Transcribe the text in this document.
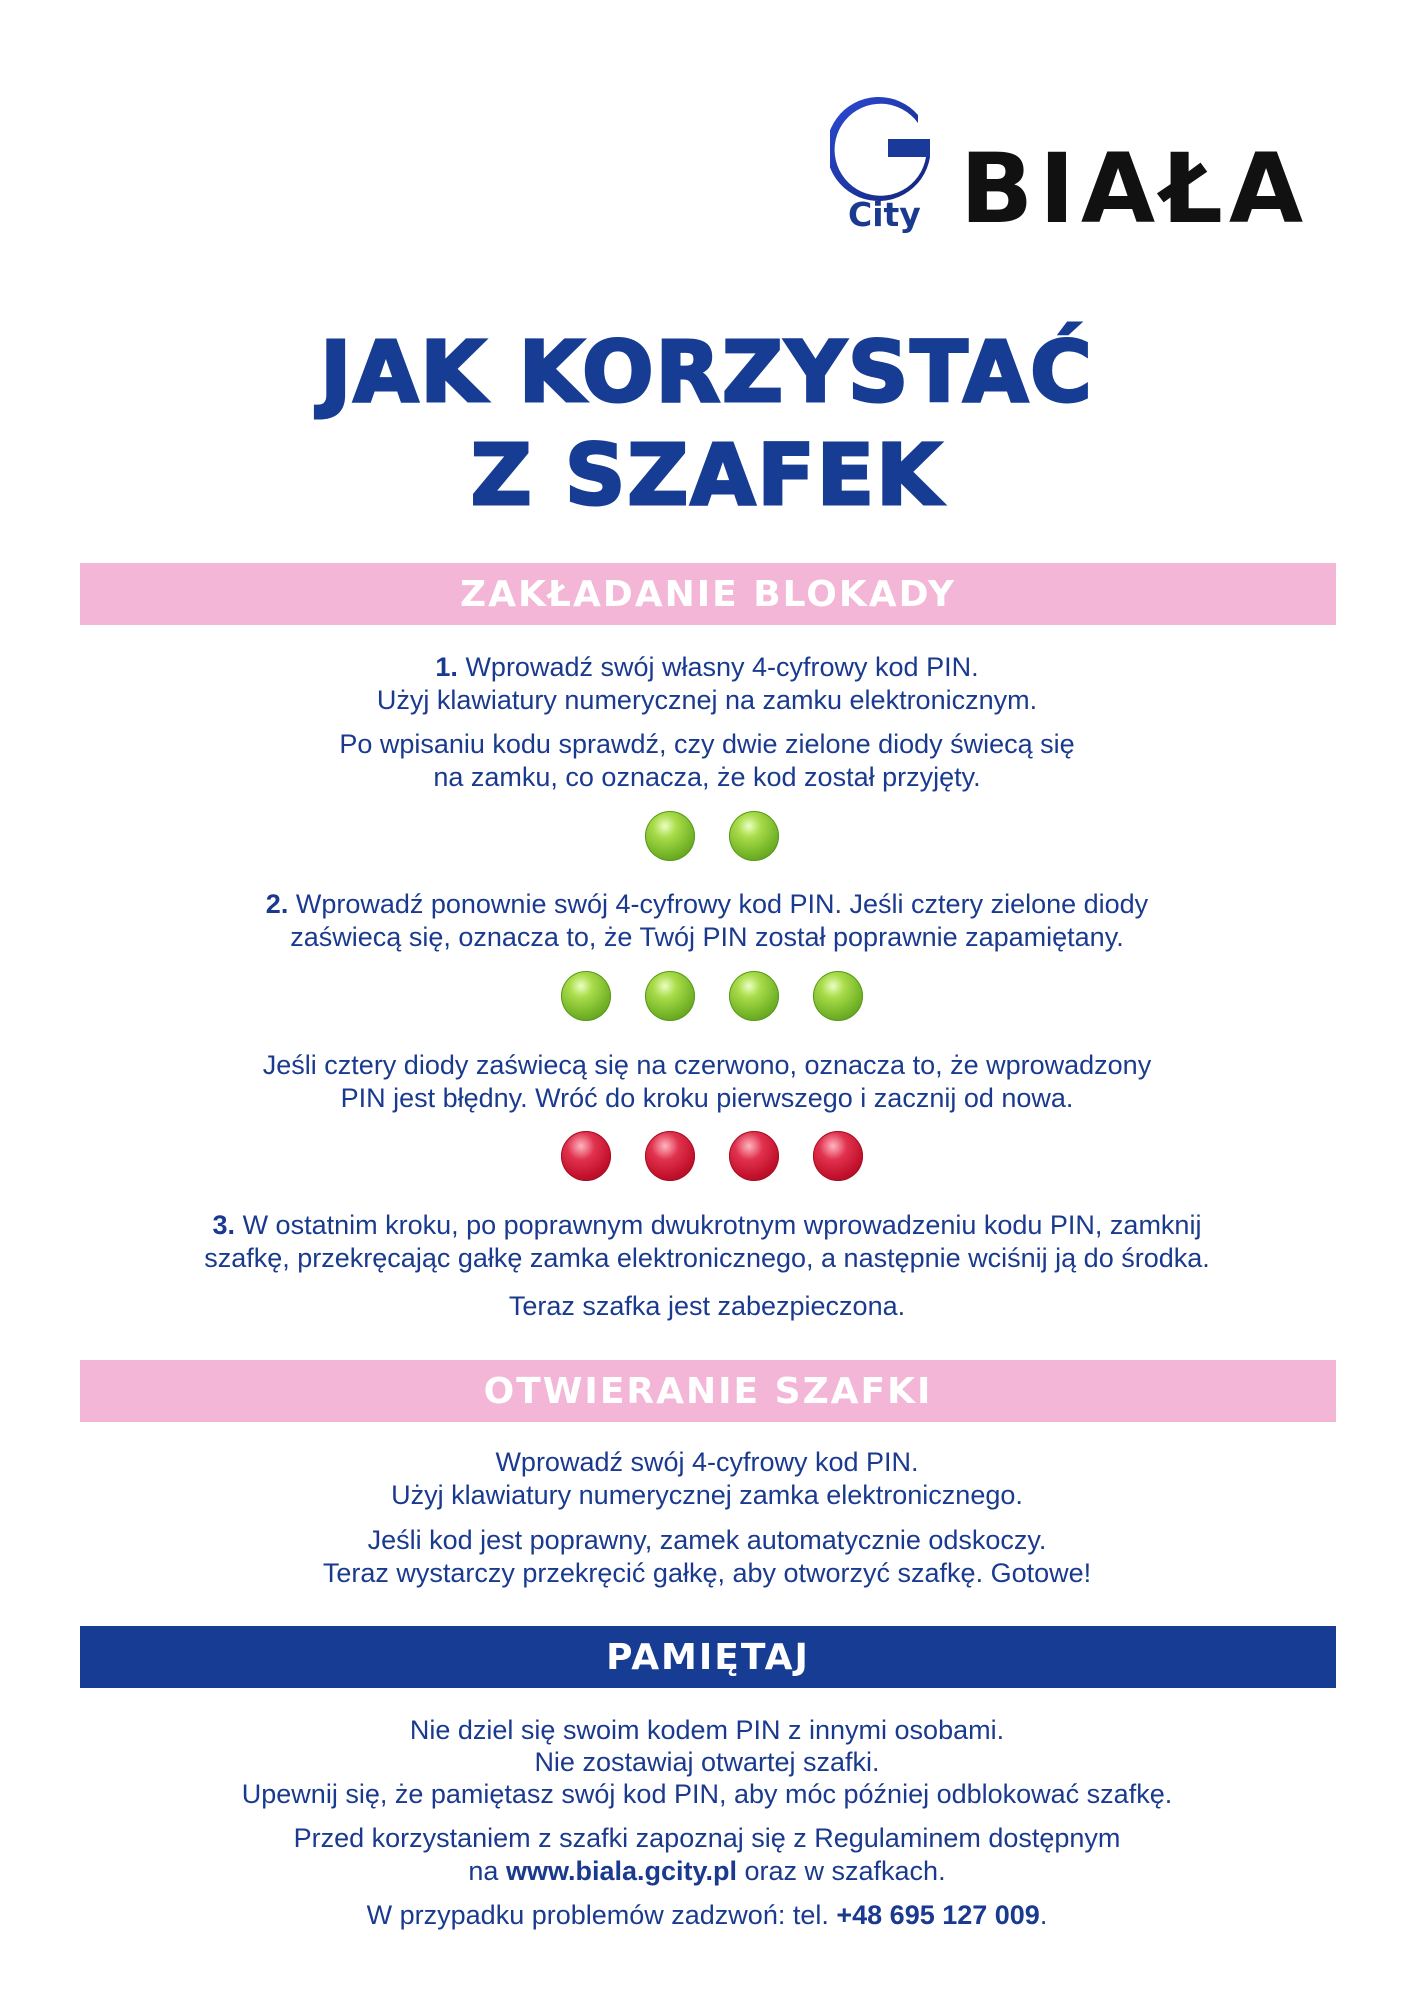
City BIAŁA
JAK KORZYSTAĆ
Z SZAFEK
ZAKŁADANIE BLOKADY
1. Wprowadź swój własny 4-cyfrowy kod PIN.
Użyj klawiatury numerycznej na zamku elektronicznym.
Po wpisaniu kodu sprawdź, czy dwie zielone diody świecą się
na zamku, co oznacza, że kod został przyjęty.
2. Wprowadź ponownie swój 4-cyfrowy kod PIN. Jeśli cztery zielone diody
zaświecą się, oznacza to, że Twój PIN został poprawnie zapamiętany.
Jeśli cztery diody zaświecą się na czerwono, oznacza to, że wprowadzony
PIN jest błędny. Wróć do kroku pierwszego i zacznij od nowa.
3. W ostatnim kroku, po poprawnym dwukrotnym wprowadzeniu kodu PIN, zamknij
szafkę, przekręcając gałkę zamka elektronicznego, a następnie wciśnij ją do środka.
Teraz szafka jest zabezpieczona.
OTWIERANIE SZAFKI
Wprowadź swój 4-cyfrowy kod PIN.
Użyj klawiatury numerycznej zamka elektronicznego.
Jeśli kod jest poprawny, zamek automatycznie odskoczy.
Teraz wystarczy przekręcić gałkę, aby otworzyć szafkę. Gotowe!
PAMIĘTAJ
Nie dziel się swoim kodem PIN z innymi osobami.
Nie zostawiaj otwartej szafki.
Upewnij się, że pamiętasz swój kod PIN, aby móc później odblokować szafkę.
Przed korzystaniem z szafki zapoznaj się z Regulaminem dostępnym
na www.biala.gcity.pl oraz w szafkach.
W przypadku problemów zadzwoń: tel. +48 695 127 009.
